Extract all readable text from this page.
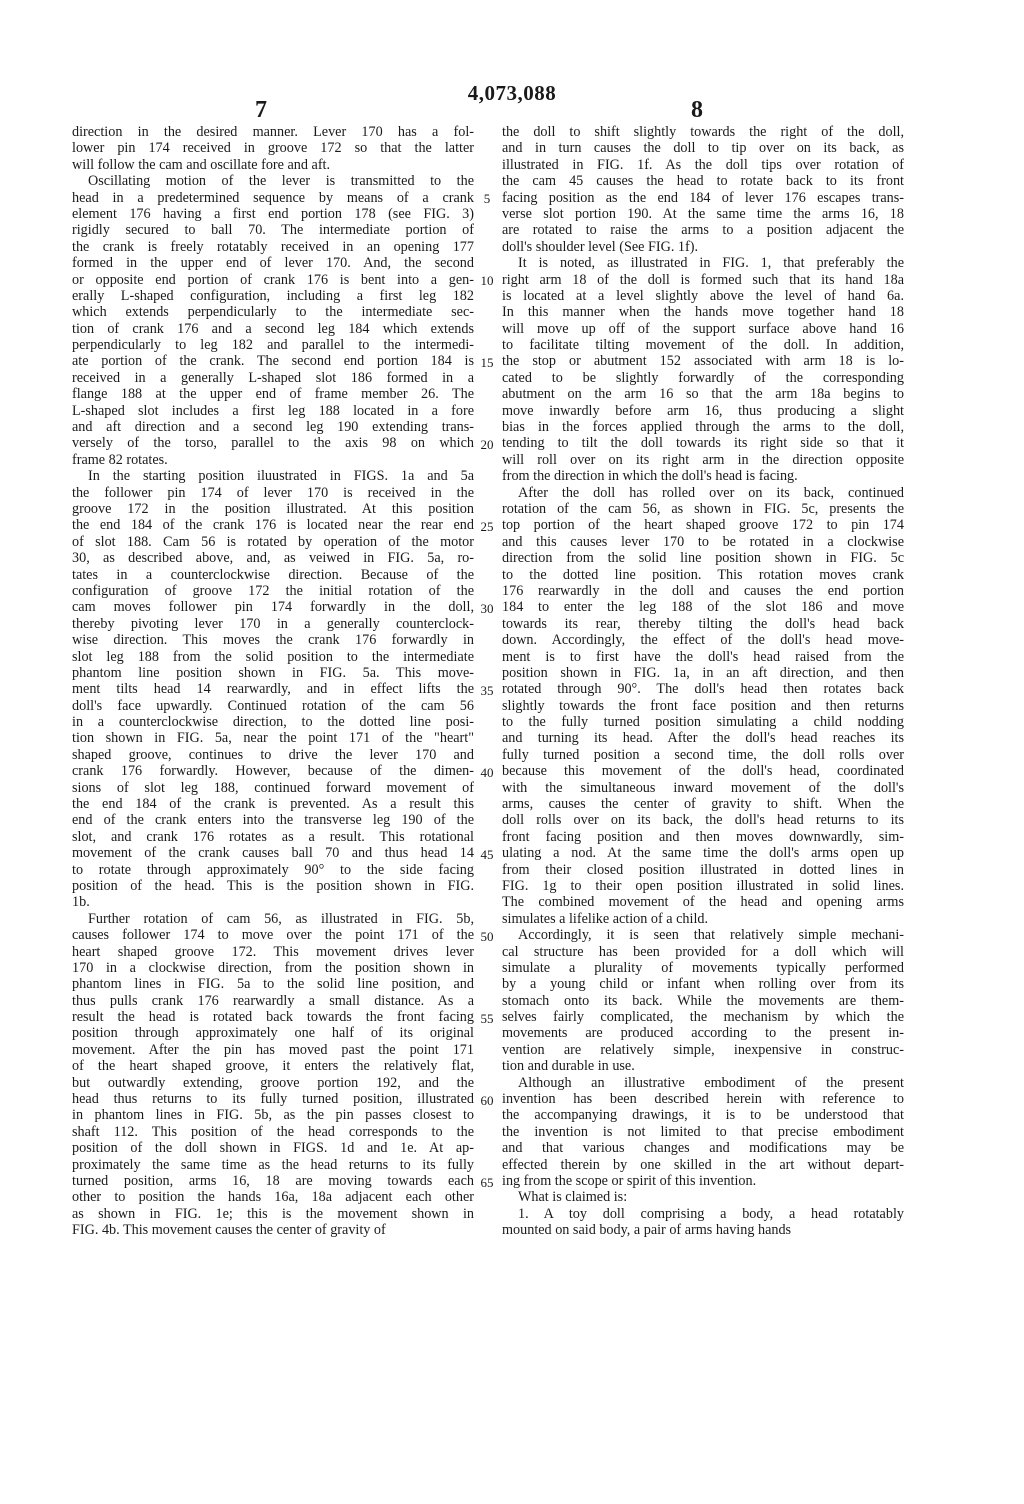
4,073,088
7	8
direction in the desired manner. Lever 170 has a fol-
lower pin 174 received in groove 172 so that the latter
will follow the cam and oscillate fore and aft.
Oscillating motion of the lever is transmitted to the
head in a predetermined sequence by means of a crank
element 176 having a first end portion 178 (see FIG. 3)
rigidly secured to ball 70. The intermediate portion of
the crank is freely rotatably received in an opening 177
formed in the upper end of lever 170. And, the second
or opposite end portion of crank 176 is bent into a gen-
erally L-shaped configuration, including a first leg 182
which extends perpendicularly to the intermediate sec-
tion of crank 176 and a second leg 184 which extends
perpendicularly to leg 182 and parallel to the intermedi-
ate portion of the crank. The second end portion 184 is
received in a generally L-shaped slot 186 formed in a
flange 188 at the upper end of frame member 26. The
L-shaped slot includes a first leg 188 located in a fore
and aft direction and a second leg 190 extending trans-
versely of the torso, parallel to the axis 98 on which
frame 82 rotates.
In the starting position iluustrated in FIGS. 1a and 5a
the follower pin 174 of lever 170 is received in the
groove 172 in the position illustrated. At this position
the end 184 of the crank 176 is located near the rear end
of slot 188. Cam 56 is rotated by operation of the motor
30, as described above, and, as veiwed in FIG. 5a, ro-
tates in a counterclockwise direction. Because of the
configuration of groove 172 the initial rotation of the
cam moves follower pin 174 forwardly in the doll,
thereby pivoting lever 170 in a generally counterclock-
wise direction. This moves the crank 176 forwardly in
slot leg 188 from the solid position to the intermediate
phantom line position shown in FIG. 5a. This move-
ment tilts head 14 rearwardly, and in effect lifts the
doll's face upwardly. Continued rotation of the cam 56
in a counterclockwise direction, to the dotted line posi-
tion shown in FIG. 5a, near the point 171 of the "heart"
shaped groove, continues to drive the lever 170 and
crank 176 forwardly. However, because of the dimen-
sions of slot leg 188, continued forward movement of
the end 184 of the crank is prevented. As a result this
end of the crank enters into the transverse leg 190 of the
slot, and crank 176 rotates as a result. This rotational
movement of the crank causes ball 70 and thus head 14
to rotate through approximately 90° to the side facing
position of the head. This is the position shown in FIG.
1b.
Further rotation of cam 56, as illustrated in FIG. 5b,
causes follower 174 to move over the point 171 of the
heart shaped groove 172. This movement drives lever
170 in a clockwise direction, from the position shown in
phantom lines in FIG. 5a to the solid line position, and
thus pulls crank 176 rearwardly a small distance. As a
result the head is rotated back towards the front facing
position through approximately one half of its original
movement. After the pin has moved past the point 171
of the heart shaped groove, it enters the relatively flat,
but outwardly extending, groove portion 192, and the
head thus returns to its fully turned position, illustrated
in phantom lines in FIG. 5b, as the pin passes closest to
shaft 112. This position of the head corresponds to the
position of the doll shown in FIGS. 1d and 1e. At ap-
proximately the same time as the head returns to its fully
turned position, arms 16, 18 are moving towards each
other to position the hands 16a, 18a adjacent each other
as shown in FIG. 1e; this is the movement shown in
FIG. 4b. This movement causes the center of gravity of
5
10
15
20
25
30
35
40
45
50
55
60
65
the doll to shift slightly towards the right of the doll,
and in turn causes the doll to tip over on its back, as
illustrated in FIG. 1f. As the doll tips over rotation of
the cam 45 causes the head to rotate back to its front
facing position as the end 184 of lever 176 escapes trans-
verse slot portion 190. At the same time the arms 16, 18
are rotated to raise the arms to a position adjacent the
doll's shoulder level (See FIG. 1f).
It is noted, as illustrated in FIG. 1, that preferably the
right arm 18 of the doll is formed such that its hand 18a
is located at a level slightly above the level of hand 6a.
In this manner when the hands move together hand 18
will move up off of the support surface above hand 16
to facilitate tilting movement of the doll. In addition,
the stop or abutment 152 associated with arm 18 is lo-
cated to be slightly forwardly of the corresponding
abutment on the arm 16 so that the arm 18a begins to
move inwardly before arm 16, thus producing a slight
bias in the forces applied through the arms to the doll,
tending to tilt the doll towards its right side so that it
will roll over on its right arm in the direction opposite
from the direction in which the doll's head is facing.
After the doll has rolled over on its back, continued
rotation of the cam 56, as shown in FIG. 5c, presents the
top portion of the heart shaped groove 172 to pin 174
and this causes lever 170 to be rotated in a clockwise
direction from the solid line position shown in FIG. 5c
to the dotted line position. This rotation moves crank
176 rearwardly in the doll and causes the end portion
184 to enter the leg 188 of the slot 186 and move
towards its rear, thereby tilting the doll's head back
down. Accordingly, the effect of the doll's head move-
ment is to first have the doll's head raised from the
position shown in FIG. 1a, in an aft direction, and then
rotated through 90°. The doll's head then rotates back
slightly towards the front face position and then returns
to the fully turned position simulating a child nodding
and turning its head. After the doll's head reaches its
fully turned position a second time, the doll rolls over
because this movement of the doll's head, coordinated
with the simultaneous inward movement of the doll's
arms, causes the center of gravity to shift. When the
doll rolls over on its back, the doll's head returns to its
front facing position and then moves downwardly, sim-
ulating a nod. At the same time the doll's arms open up
from their closed position illustrated in dotted lines in
FIG. 1g to their open position illustrated in solid lines.
The combined movement of the head and opening arms
simulates a lifelike action of a child.
Accordingly, it is seen that relatively simple mechani-
cal structure has been provided for a doll which will
simulate a plurality of movements typically performed
by a young child or infant when rolling over from its
stomach onto its back. While the movements are them-
selves fairly complicated, the mechanism by which the
movements are produced according to the present in-
vention are relatively simple, inexpensive in construc-
tion and durable in use.
Although an illustrative embodiment of the present
invention has been described herein with reference to
the accompanying drawings, it is to be understood that
the invention is not limited to that precise embodiment
and that various changes and modifications may be
effected therein by one skilled in the art without depart-
ing from the scope or spirit of this invention.
What is claimed is:
1. A toy doll comprising a body, a head rotatably
mounted on said body, a pair of arms having hands
